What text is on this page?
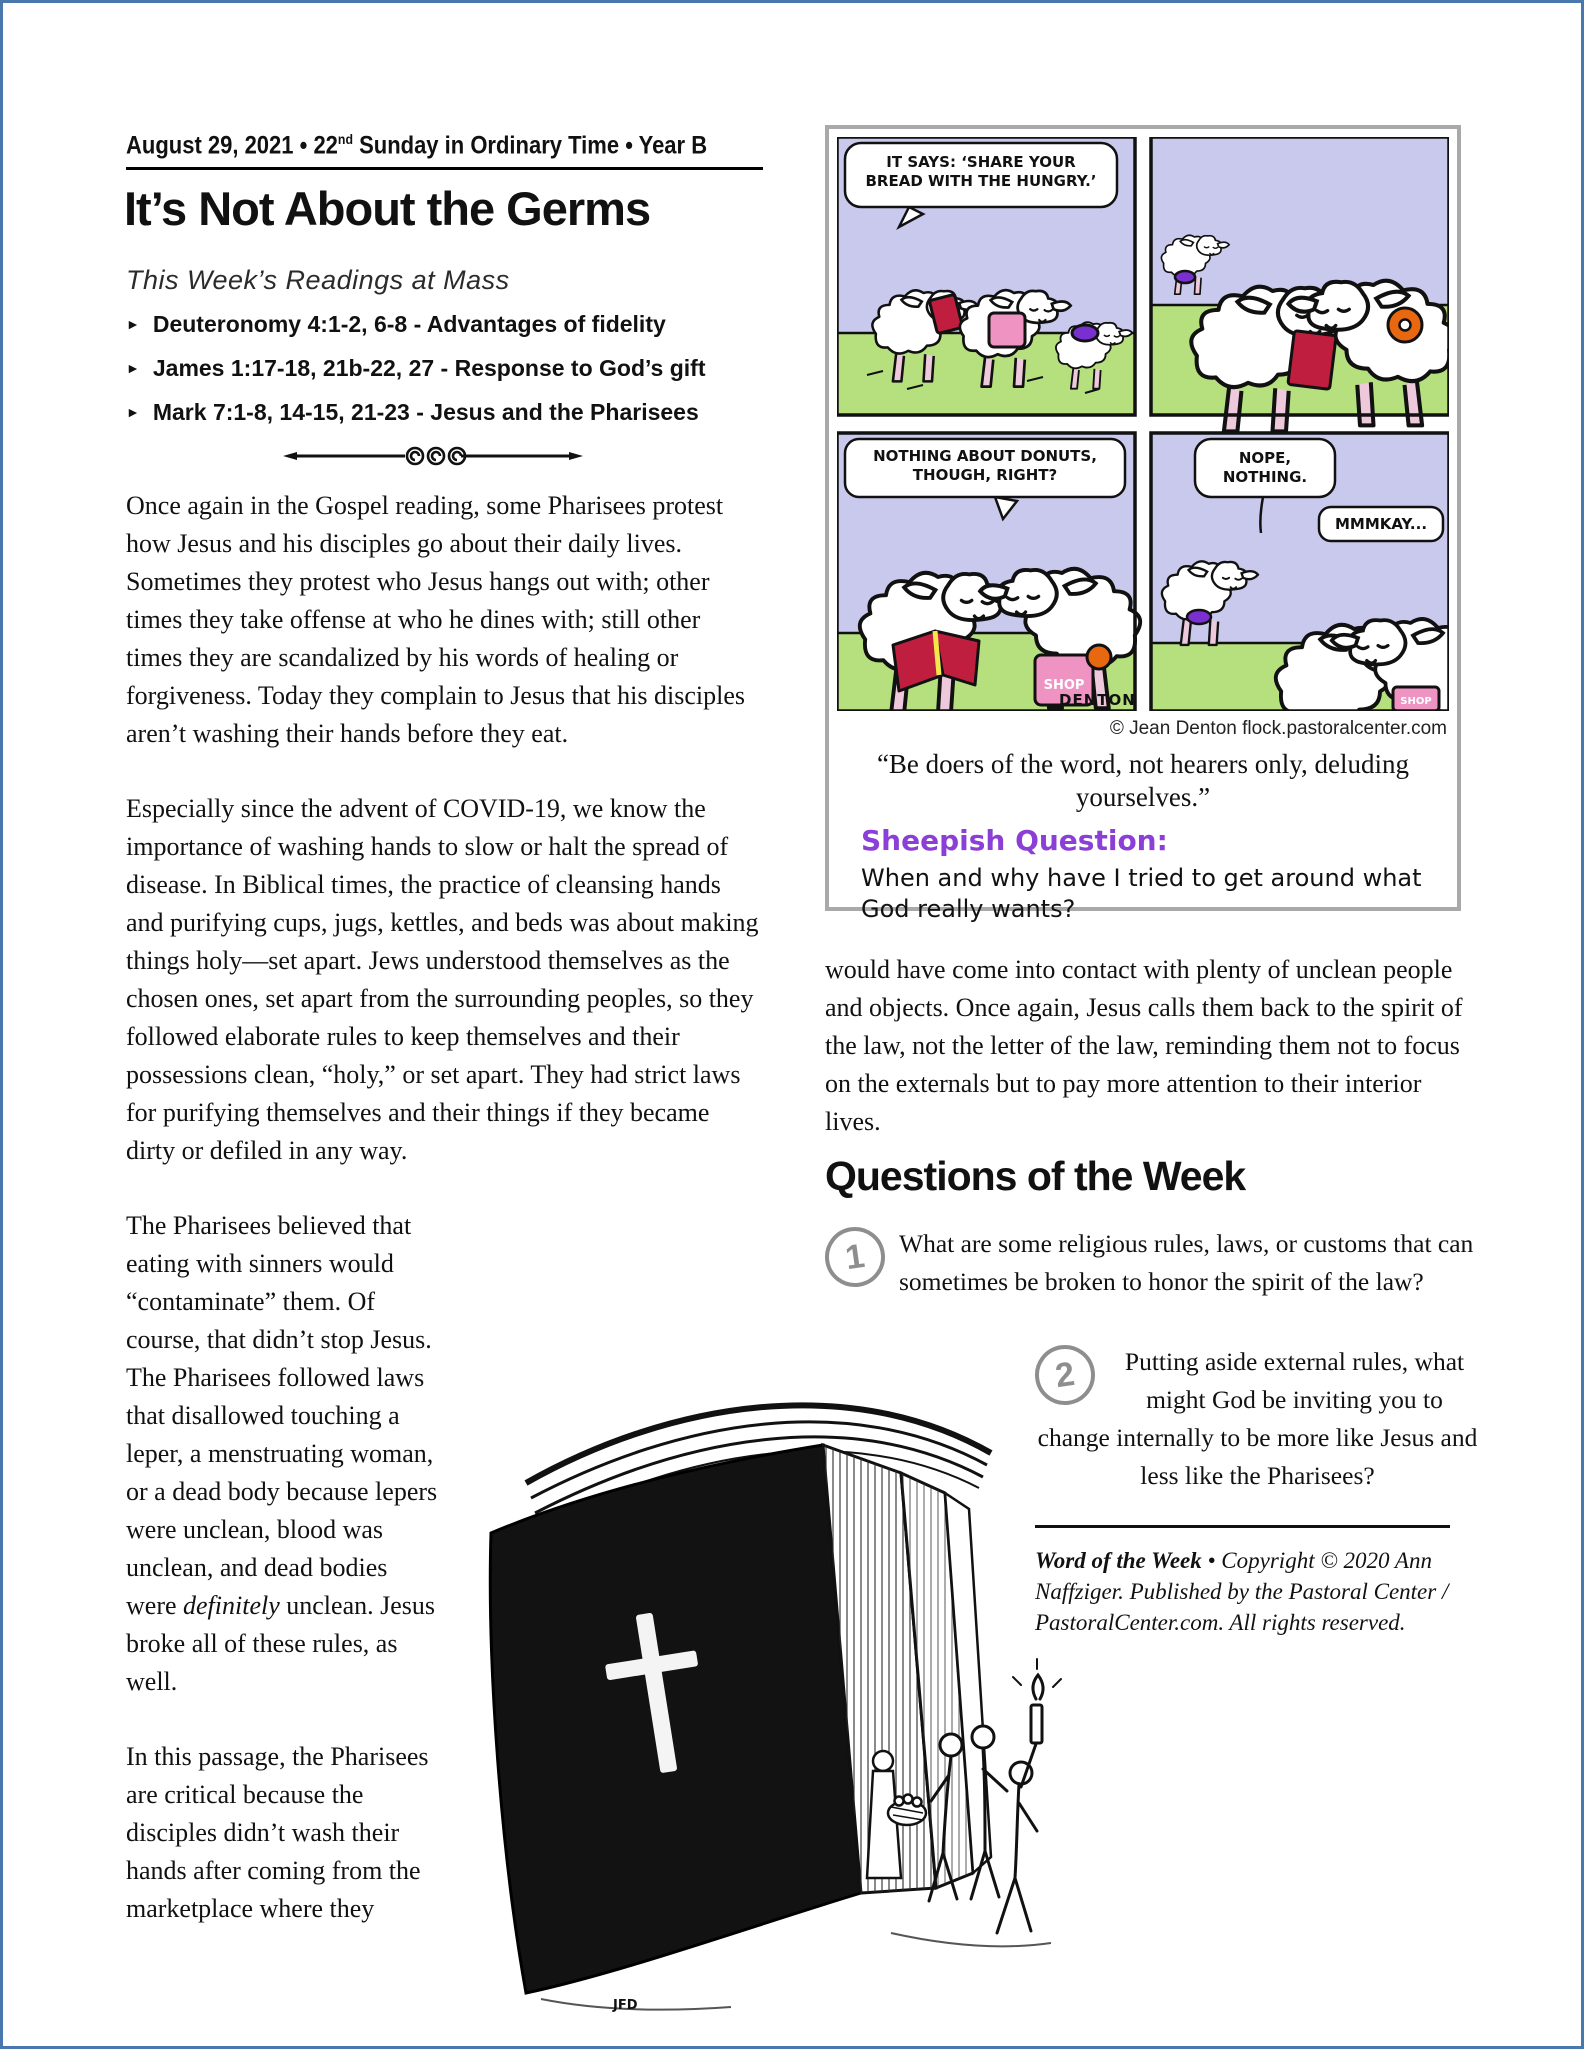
August 29, 2021 • 22nd Sunday in Ordinary Time • Year B
It’s Not About the Germs
This Week’s Readings at Mass
► Deuteronomy 4:1-2, 6-8 - Advantages of fidelity
► James 1:17-18, 21b-22, 27 - Response to God’s gift
► Mark 7:1-8, 14-15, 21-23 - Jesus and the Pharisees

Once again in the Gospel reading, some Pharisees protest how Jesus and his disciples go about their daily lives. Sometimes they protest who Jesus hangs out with; other times they take offense at who he dines with; still other times they are scandalized by his words of healing or forgiveness. Today they complain to Jesus that his disciples aren’t washing their hands before they eat.

Especially since the advent of COVID-19, we know the importance of washing hands to slow or halt the spread of disease. In Biblical times, the practice of cleansing hands and purifying cups, jugs, kettles, and beds was about making things holy—set apart. Jews understood themselves as the chosen ones, set apart from the surrounding peoples, so they followed elaborate rules to keep themselves and their possessions clean, “holy,” or set apart. They had strict laws for purifying themselves and their things if they became dirty or defiled in any way.

The Pharisees believed that eating with sinners would “contaminate” them. Of course, that didn’t stop Jesus. The Pharisees followed laws that disallowed touching a leper, a menstruating woman, or a dead body because lepers were unclean, blood was unclean, and dead bodies were definitely unclean. Jesus broke all of these rules, as well.

In this passage, the Pharisees are critical because the disciples didn’t wash their hands after coming from the marketplace where they

IT SAYS: ‘SHARE YOUR BREAD WITH THE HUNGRY.’
SHOP
NOTHING ABOUT DONUTS, THOUGH, RIGHT?
DENTON	SHOP
NOPE, NOTHING.
MMMKAY...
© Jean Denton flock.pastoralcenter.com
“Be doers of the word, not hearers only, deluding yourselves.”
Sheepish Question:
When and why have I tried to get around what God really wants?
would have come into contact with plenty of unclean people and objects. Once again, Jesus calls them back to the spirit of the law, not the letter of the law, reminding them not to focus on the externals but to pay more attention to their interior lives.
Questions of the Week
1	What are some religious rules, laws, or customs that can sometimes be broken to honor the spirit of the law?
2	Putting aside external rules, what might God be inviting you to change internally to be more like Jesus and less like the Pharisees?
Word of the Week • Copyright © 2020 Ann Naffziger. Published by the Pastoral Center / PastoralCenter.com. All rights reserved.
JFD
